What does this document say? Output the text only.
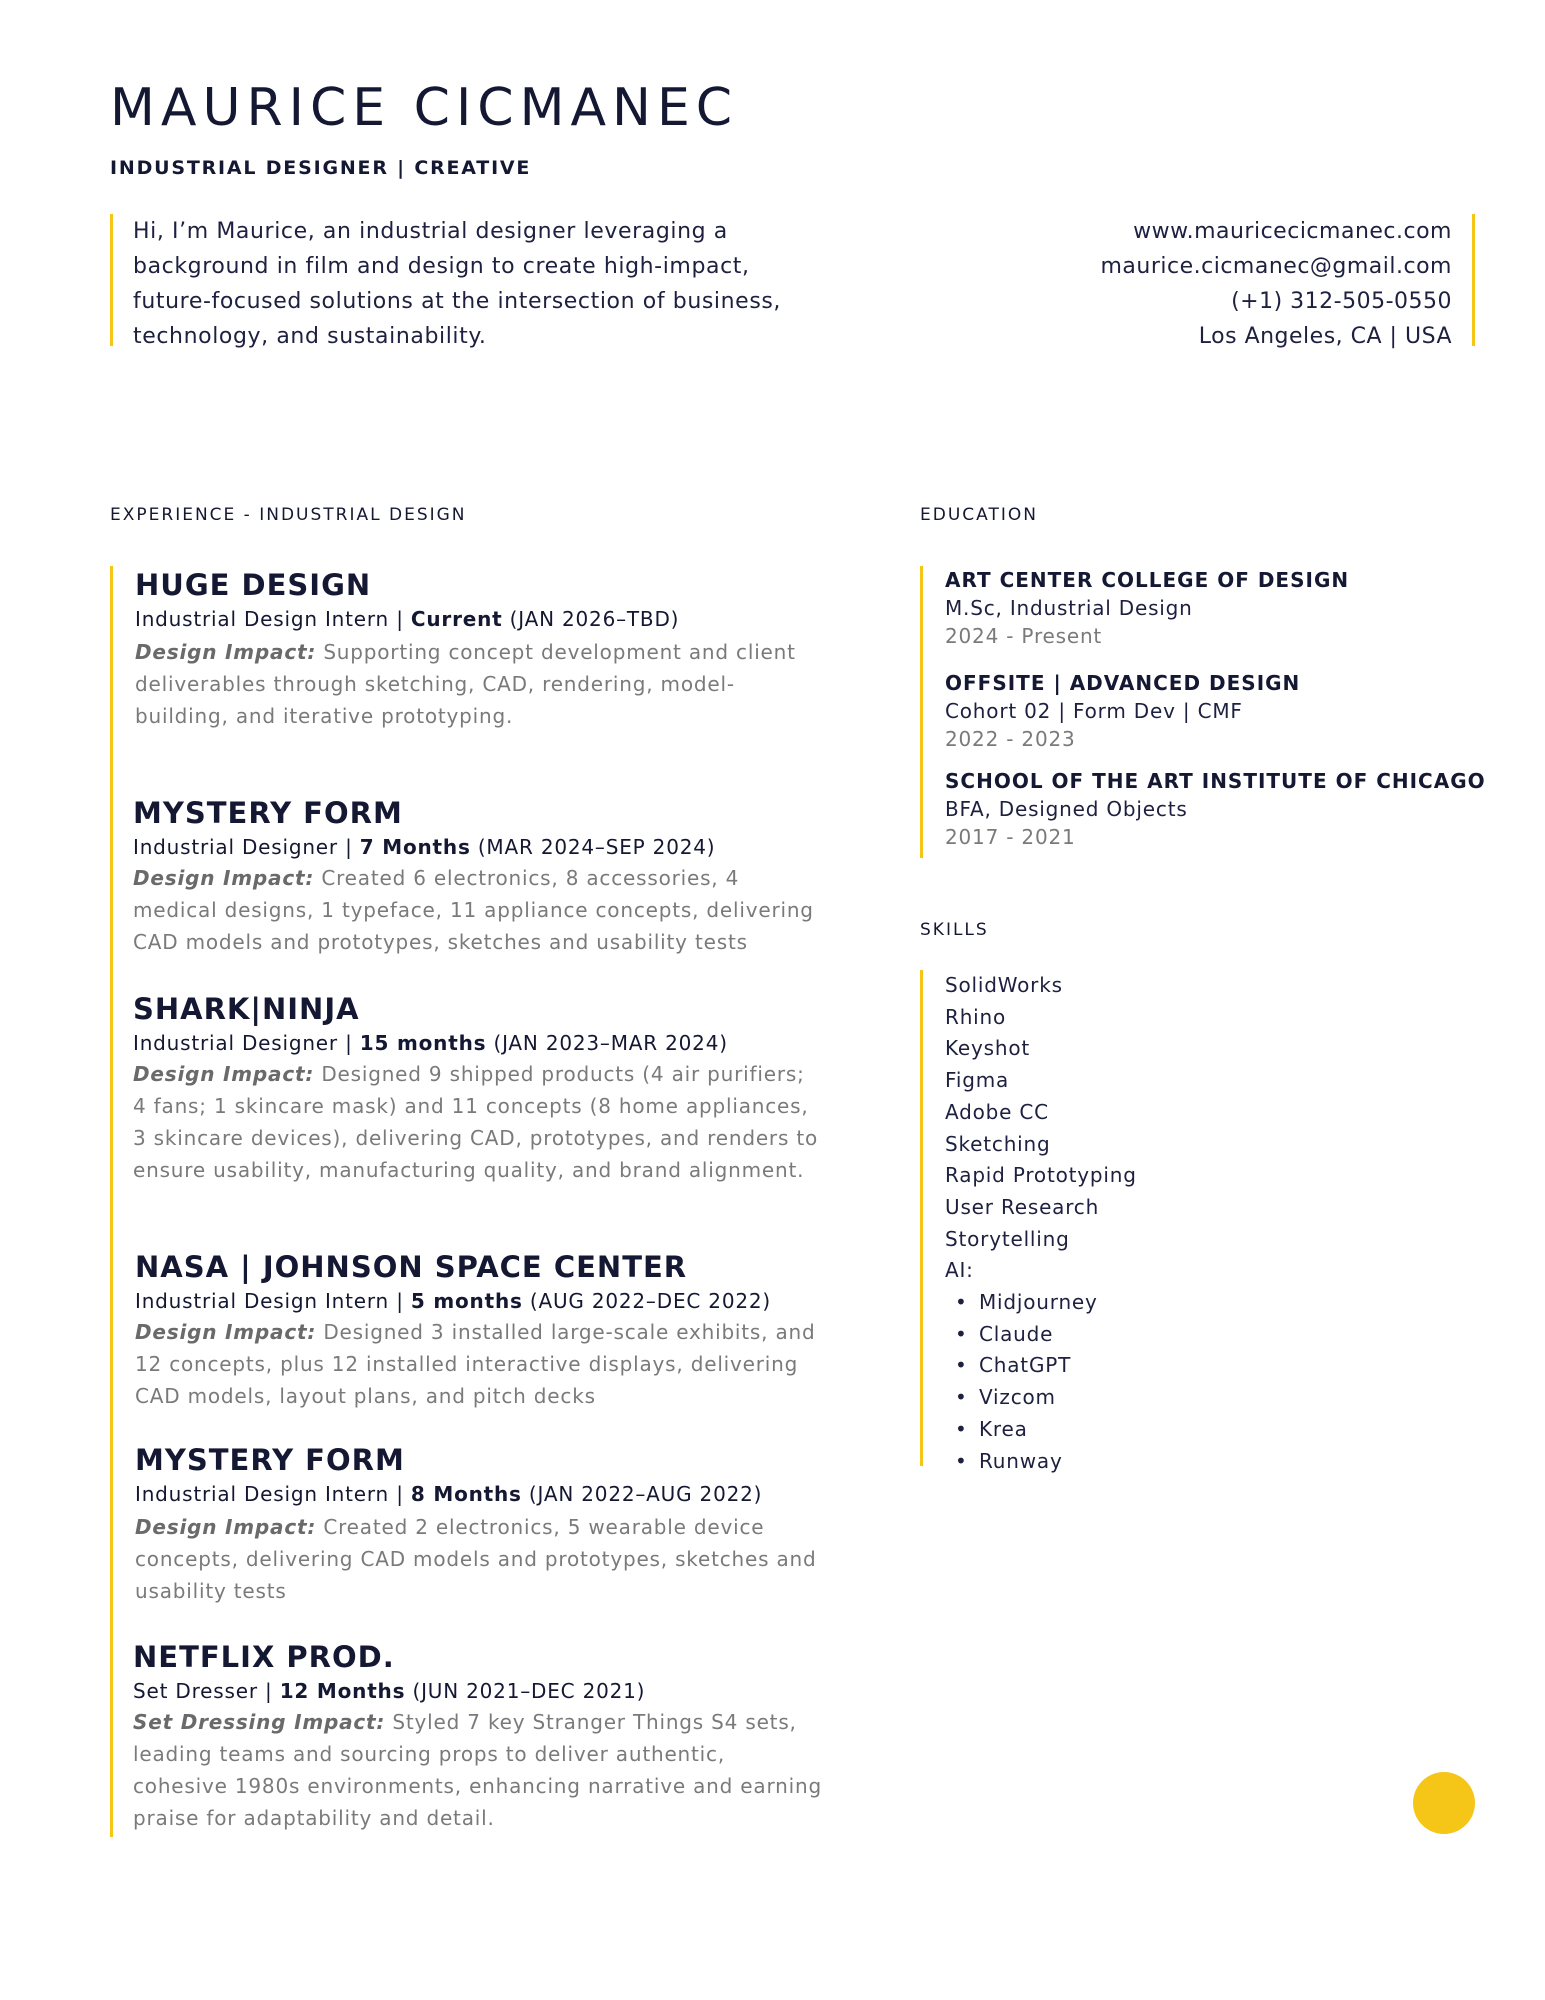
MAURICE CICMANEC
INDUSTRIAL DESIGNER | CREATIVE
Hi, I’m Maurice, an industrial designer leveraging a background in film and design to create high-impact, future-focused solutions at the intersection of business, technology, and sustainability.
www.mauricecicmanec.com
maurice.cicmanec@gmail.com
(+1) 312-505-0550
Los Angeles, CA | USA
EXPERIENCE - INDUSTRIAL DESIGN
HUGE DESIGN
Industrial Design Intern | Current (JAN 2026–TBD)
Design Impact: Supporting concept development and client deliverables through sketching, CAD, rendering, model-building, and iterative prototyping.
MYSTERY FORM
Industrial Designer | 7 Months (MAR 2024–SEP 2024)
Design Impact: Created 6 electronics, 8 accessories, 4 medical designs, 1 typeface, 11 appliance concepts, delivering CAD models and prototypes, sketches and usability tests
SHARK|NINJA
Industrial Designer | 15 months (JAN 2023–MAR 2024)
Design Impact: Designed 9 shipped products (4 air purifiers; 4 fans; 1 skincare mask) and 11 concepts (8 home appliances, 3 skincare devices), delivering CAD, prototypes, and renders to ensure usability, manufacturing quality, and brand alignment.
NASA | JOHNSON SPACE CENTER
Industrial Design Intern | 5 months (AUG 2022–DEC 2022)
Design Impact: Designed 3 installed large-scale exhibits, and 12 concepts, plus 12 installed interactive displays, delivering CAD models, layout plans, and pitch decks
MYSTERY FORM
Industrial Design Intern | 8 Months (JAN 2022–AUG 2022)
Design Impact: Created 2 electronics, 5 wearable device concepts, delivering CAD models and prototypes, sketches and usability tests
NETFLIX PROD.
Set Dresser | 12 Months (JUN 2021–DEC 2021)
Set Dressing Impact: Styled 7 key Stranger Things S4 sets, leading teams and sourcing props to deliver authentic, cohesive 1980s environments, enhancing narrative and earning praise for adaptability and detail.
EDUCATION
ART CENTER COLLEGE OF DESIGN
M.Sc, Industrial Design
2024 - Present
OFFSITE | ADVANCED DESIGN
Cohort 02 | Form Dev | CMF
2022 - 2023
SCHOOL OF THE ART INSTITUTE OF CHICAGO
BFA, Designed Objects
2017 - 2021
SKILLS
SolidWorks
Rhino
Keyshot
Figma
Adobe CC
Sketching
Rapid Prototyping
User Research
Storytelling
AI:
• Midjourney
• Claude
• ChatGPT
• Vizcom
• Krea
• Runway
